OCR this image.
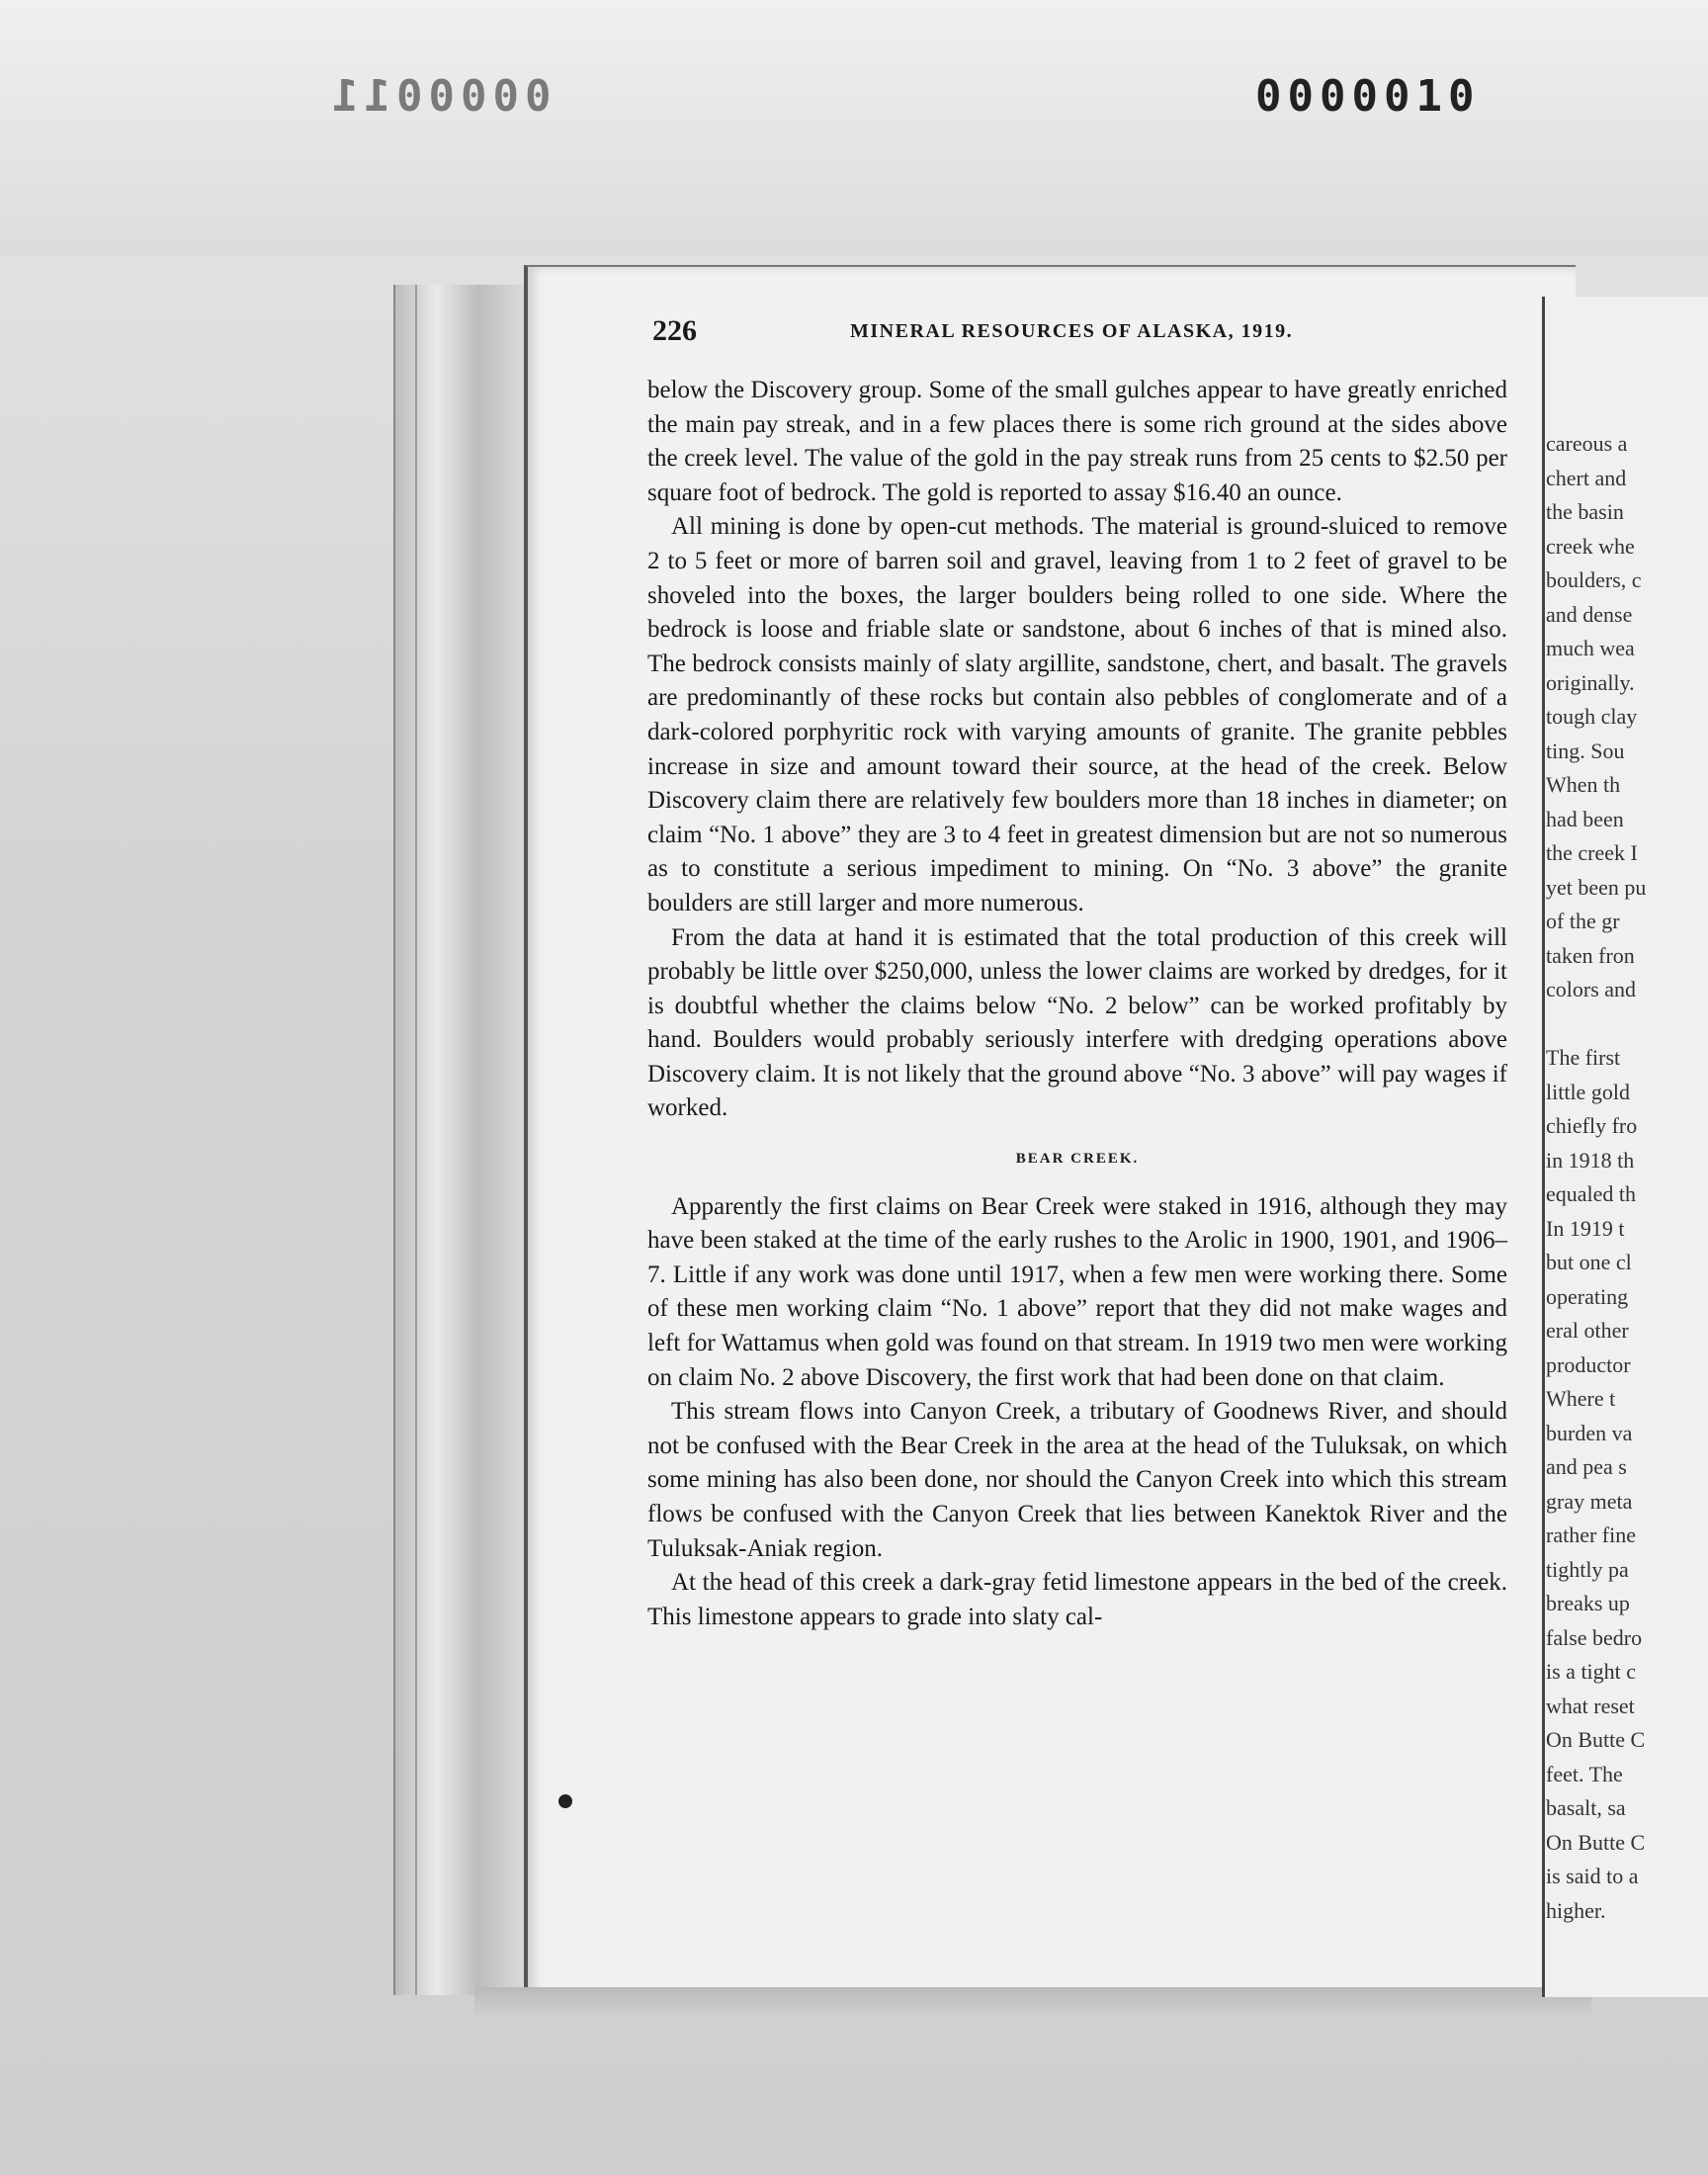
0000011	0000010
226	MINERAL RESOURCES OF ALASKA, 1919.

below the Discovery group. Some of the small gulches appear to have greatly enriched the main pay streak, and in a few places there is some rich ground at the sides above the creek level. The value of the gold in the pay streak runs from 25 cents to $2.50 per square foot of bedrock. The gold is reported to assay $16.40 an ounce.

All mining is done by open-cut methods. The material is ground-sluiced to remove 2 to 5 feet or more of barren soil and gravel, leaving from 1 to 2 feet of gravel to be shoveled into the boxes, the larger boulders being rolled to one side. Where the bedrock is loose and friable slate or sandstone, about 6 inches of that is mined also. The bedrock consists mainly of slaty argillite, sandstone, chert, and basalt. The gravels are predominantly of these rocks but contain also pebbles of conglomerate and of a dark-colored porphyritic rock with varying amounts of granite. The granite pebbles increase in size and amount toward their source, at the head of the creek. Below Discovery claim there are relatively few boulders more than 18 inches in diameter; on claim “No. 1 above” they are 3 to 4 feet in greatest dimension but are not so numerous as to constitute a serious impediment to mining. On “No. 3 above” the granite boulders are still larger and more numerous.

From the data at hand it is estimated that the total production of this creek will probably be little over $250,000, unless the lower claims are worked by dredges, for it is doubtful whether the claims below “No. 2 below” can be worked profitably by hand. Boulders would probably seriously interfere with dredging operations above Discovery claim. It is not likely that the ground above “No. 3 above” will pay wages if worked.

BEAR CREEK.

Apparently the first claims on Bear Creek were staked in 1916, although they may have been staked at the time of the early rushes to the Arolic in 1900, 1901, and 1906–7. Little if any work was done until 1917, when a few men were working there. Some of these men working claim “No. 1 above” report that they did not make wages and left for Wattamus when gold was found on that stream. In 1919 two men were working on claim No. 2 above Discovery, the first work that had been done on that claim.

This stream flows into Canyon Creek, a tributary of Goodnews River, and should not be confused with the Bear Creek in the area at the head of the Tuluksak, on which some mining has also been done, nor should the Canyon Creek into which this stream flows be confused with the Canyon Creek that lies between Kanektok River and the Tuluksak-Aniak region.

At the head of this creek a dark-gray fetid limestone appears in the bed of the creek. This limestone appears to grade into slaty cal-

careous a
chert and
the basin
creek whe
boulders, c
and dense
much wea
originally.
tough clay
ting. Sou
When th
had been
the creek I
yet been pu
of the gr
taken fron
colors and
The first
little gold
chiefly fro
in 1918 th
equaled th
In 1919 t
but one cl
operating
eral other
productor
Where t
burden va
and pea s
gray meta
rather fine
tightly pa
breaks up
false bedro
is a tight c
what reset
On Butte C
feet. The
basalt, sa
On Butte C
is said to a
higher.
